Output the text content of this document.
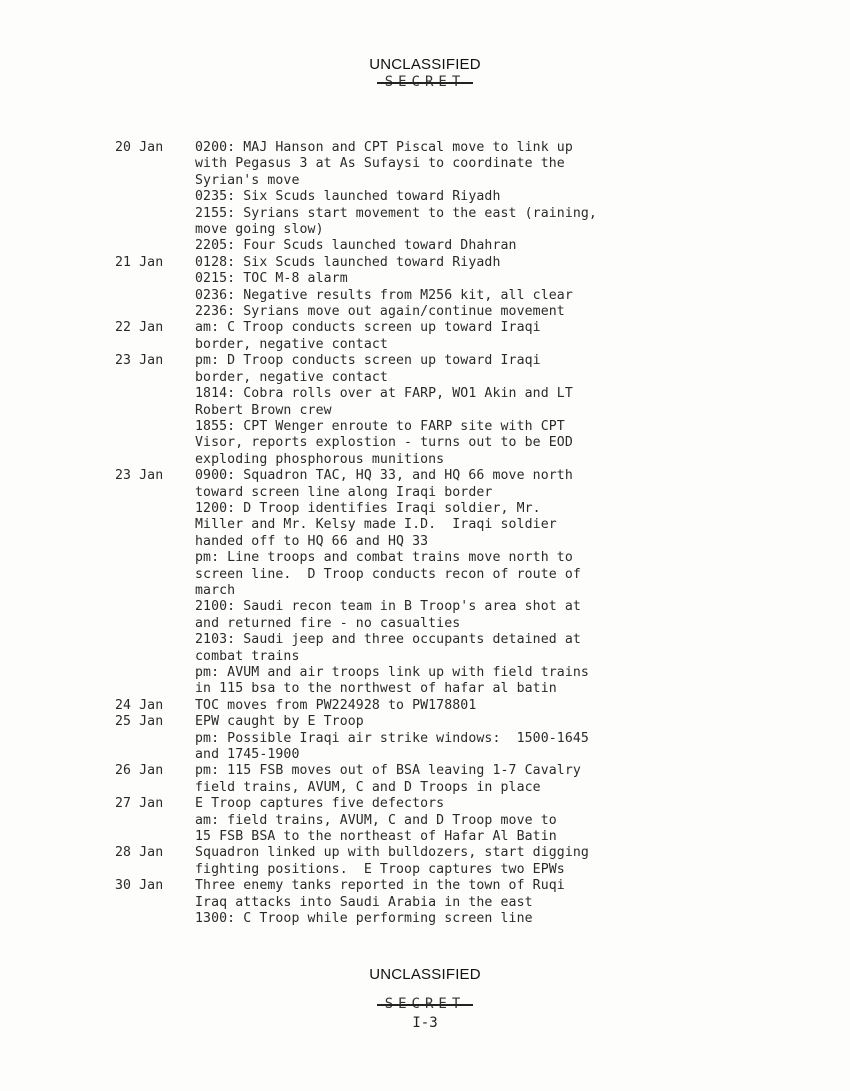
UNCLASSIFIED
SECRET
20 Jan	0200: MAJ Hanson and CPT Piscal move to link up
with Pegasus 3 at As Sufaysi to coordinate the
Syrian's move
0235: Six Scuds launched toward Riyadh
2155: Syrians start movement to the east (raining,
move going slow)
2205: Four Scuds launched toward Dhahran
21 Jan	0128: Six Scuds launched toward Riyadh
0215: TOC M-8 alarm
0236: Negative results from M256 kit, all clear
2236: Syrians move out again/continue movement
22 Jan	am: C Troop conducts screen up toward Iraqi
border, negative contact
23 Jan	pm: D Troop conducts screen up toward Iraqi
border, negative contact
1814: Cobra rolls over at FARP, WO1 Akin and LT
Robert Brown crew
1855: CPT Wenger enroute to FARP site with CPT
Visor, reports explostion - turns out to be EOD
exploding phosphorous munitions
23 Jan	0900: Squadron TAC, HQ 33, and HQ 66 move north
toward screen line along Iraqi border
1200: D Troop identifies Iraqi soldier, Mr.
Miller and Mr. Kelsy made I.D.  Iraqi soldier
handed off to HQ 66 and HQ 33
pm: Line troops and combat trains move north to
screen line.  D Troop conducts recon of route of
march
2100: Saudi recon team in B Troop's area shot at
and returned fire - no casualties
2103: Saudi jeep and three occupants detained at
combat trains
pm: AVUM and air troops link up with field trains
in 115 bsa to the northwest of hafar al batin
24 Jan	TOC moves from PW224928 to PW178801
25 Jan	EPW caught by E Troop
pm: Possible Iraqi air strike windows:  1500-1645
and 1745-1900
26 Jan	pm: 115 FSB moves out of BSA leaving 1-7 Cavalry
field trains, AVUM, C and D Troops in place
27 Jan	E Troop captures five defectors
am: field trains, AVUM, C and D Troop move to
15 FSB BSA to the northeast of Hafar Al Batin
28 Jan	Squadron linked up with bulldozers, start digging
fighting positions.  E Troop captures two EPWs
30 Jan	Three enemy tanks reported in the town of Ruqi
Iraq attacks into Saudi Arabia in the east
1300: C Troop while performing screen line
UNCLASSIFIED
SECRET
I-3
